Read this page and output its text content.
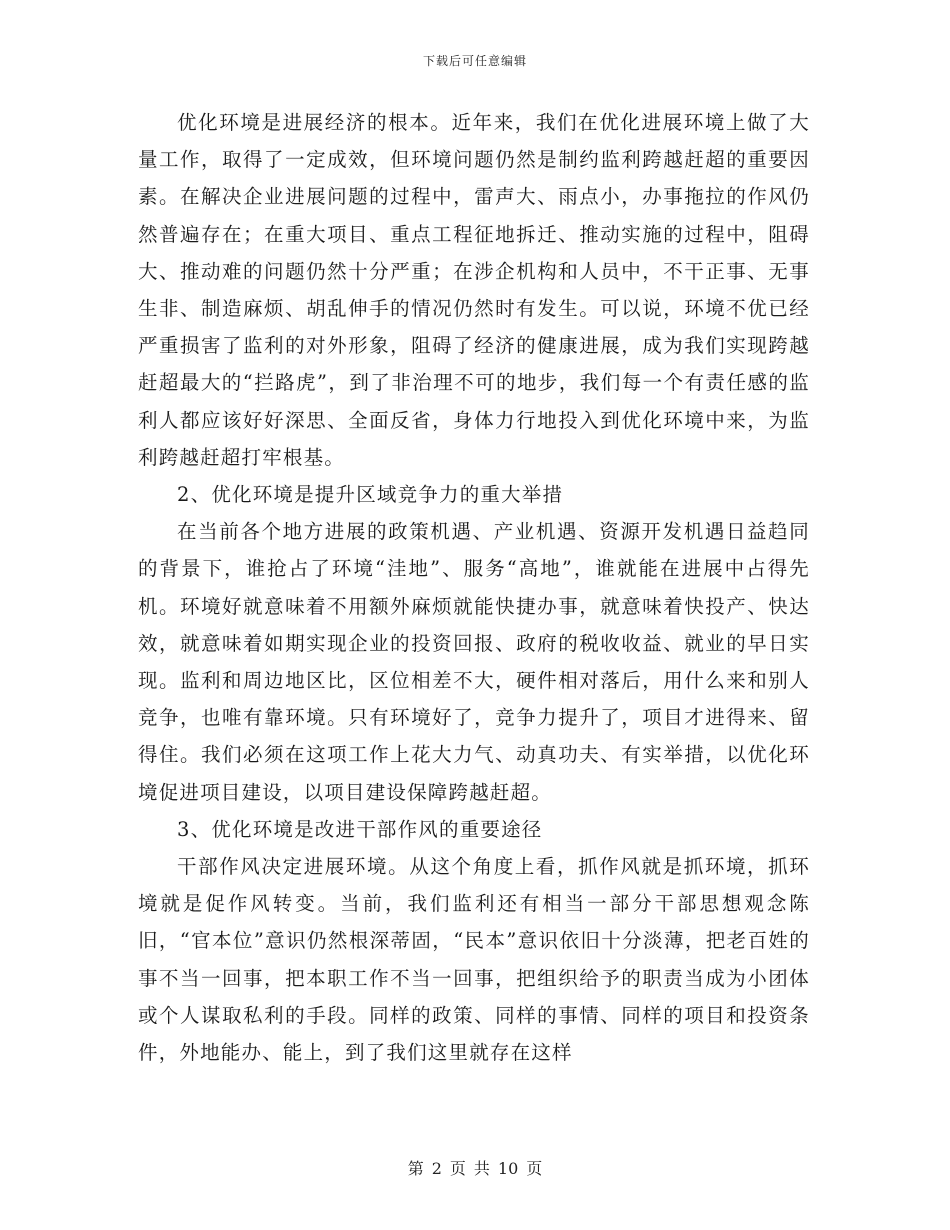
下载后可任意编辑

优化环境是进展经济的根本。近年来，我们在优化进展环境上做了大量工作，取得了一定成效，但环境问题仍然是制约监利跨越赶超的重要因素。在解决企业进展问题的过程中，雷声大、雨点小，办事拖拉的作风仍然普遍存在；在重大项目、重点工程征地拆迁、推动实施的过程中，阻碍大、推动难的问题仍然十分严重；在涉企机构和人员中，不干正事、无事生非、制造麻烦、胡乱伸手的情况仍然时有发生。可以说，环境不优已经严重损害了监利的对外形象，阻碍了经济的健康进展，成为我们实现跨越赶超最大的“拦路虎”，到了非治理不可的地步，我们每一个有责任感的监利人都应该好好深思、全面反省，身体力行地投入到优化环境中来，为监利跨越赶超打牢根基。

2、优化环境是提升区域竞争力的重大举措

在当前各个地方进展的政策机遇、产业机遇、资源开发机遇日益趋同的背景下，谁抢占了环境“洼地”、服务“高地”，谁就能在进展中占得先机。环境好就意味着不用额外麻烦就能快捷办事，就意味着快投产、快达效，就意味着如期实现企业的投资回报、政府的税收收益、就业的早日实现。监利和周边地区比，区位相差不大，硬件相对落后，用什么来和别人竞争，也唯有靠环境。只有环境好了，竞争力提升了，项目才进得来、留得住。我们必须在这项工作上花大力气、动真功夫、有实举措，以优化环境促进项目建设，以项目建设保障跨越赶超。

3、优化环境是改进干部作风的重要途径

干部作风决定进展环境。从这个角度上看，抓作风就是抓环境，抓环境就是促作风转变。当前，我们监利还有相当一部分干部思想观念陈旧，“官本位”意识仍然根深蒂固，“民本”意识依旧十分淡薄，把老百姓的事不当一回事，把本职工作不当一回事，把组织给予的职责当成为小团体或个人谋取私利的手段。同样的政策、同样的事情、同样的项目和投资条件，外地能办、能上，到了我们这里就存在这样

第 2 页 共 10 页
